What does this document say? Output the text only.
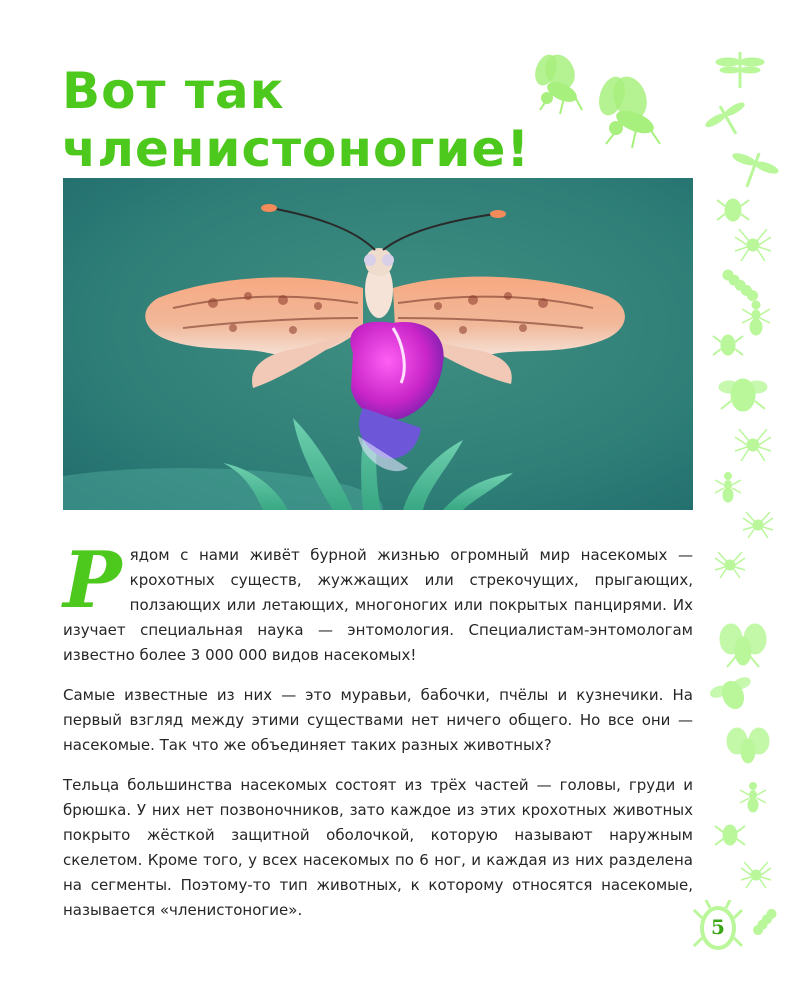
Вот так
членистоногие!

Рядом с нами живёт бурной жизнью огромный мир насекомых — крохотных существ, жужжащих или стрекочущих, прыгающих, ползающих или летающих, многоногих или покрытых панцирями. Их изучает специальная наука — энтомология. Специалистам-энтомологам известно более 3 000 000 видов насекомых!

Самые известные из них — это муравьи, бабочки, пчёлы и кузнечики. На первый взгляд между этими существами нет ничего общего. Но все они — насекомые. Так что же объединяет таких разных животных?

Тельца большинства насекомых состоят из трёх частей — головы, груди и брюшка. У них нет позвоночников, зато каждое из этих крохотных животных покрыто жёсткой защитной оболочкой, которую называют наружным скелетом. Кроме того, у всех насекомых по 6 ног, и каждая из них разделена на сегменты. Поэтому-то тип животных, к которому относятся насекомые, называется «членистоногие».

5
